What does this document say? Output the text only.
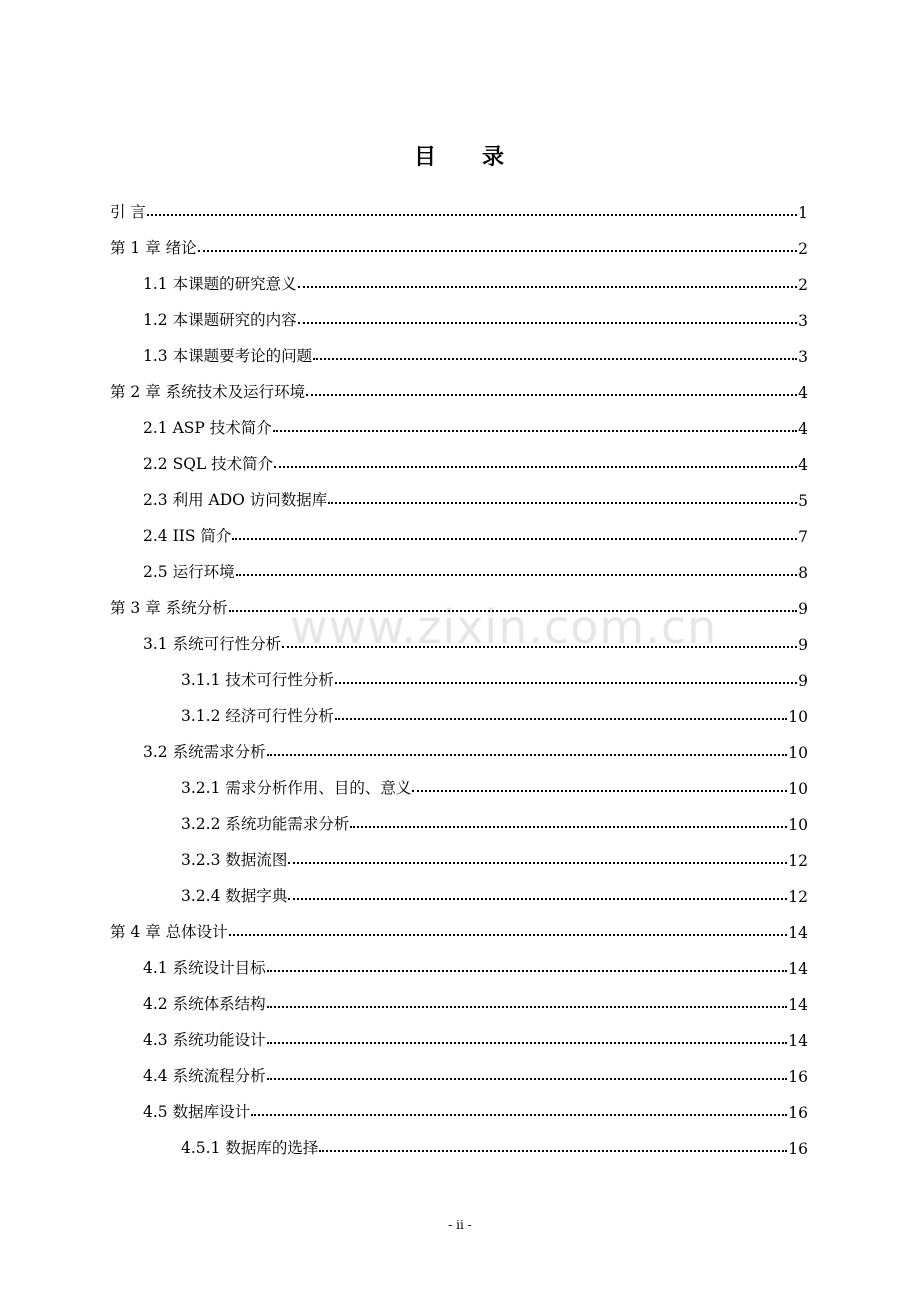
www.zixin.com.cn
目 录
引 言	1
第 1 章 绪论	2
1.1 本课题的研究意义	2
1.2 本课题研究的内容	3
1.3 本课题要考论的问题	3
第 2 章 系统技术及运行环境	4
2.1 ASP 技术简介	4
2.2 SQL 技术简介	4
2.3 利用 ADO 访问数据库	5
2.4 IIS 简介	7
2.5 运行环境	8
第 3 章 系统分析	9
3.1 系统可行性分析	9
3.1.1 技术可行性分析	9
3.1.2 经济可行性分析	10
3.2 系统需求分析	10
3.2.1 需求分析作用、目的、意义	10
3.2.2 系统功能需求分析	10
3.2.3 数据流图	12
3.2.4 数据字典	12
第 4 章 总体设计	14
4.1 系统设计目标	14
4.2 系统体系结构	14
4.3 系统功能设计	14
4.4 系统流程分析	16
4.5 数据库设计	16
4.5.1 数据库的选择	16
- ii -
